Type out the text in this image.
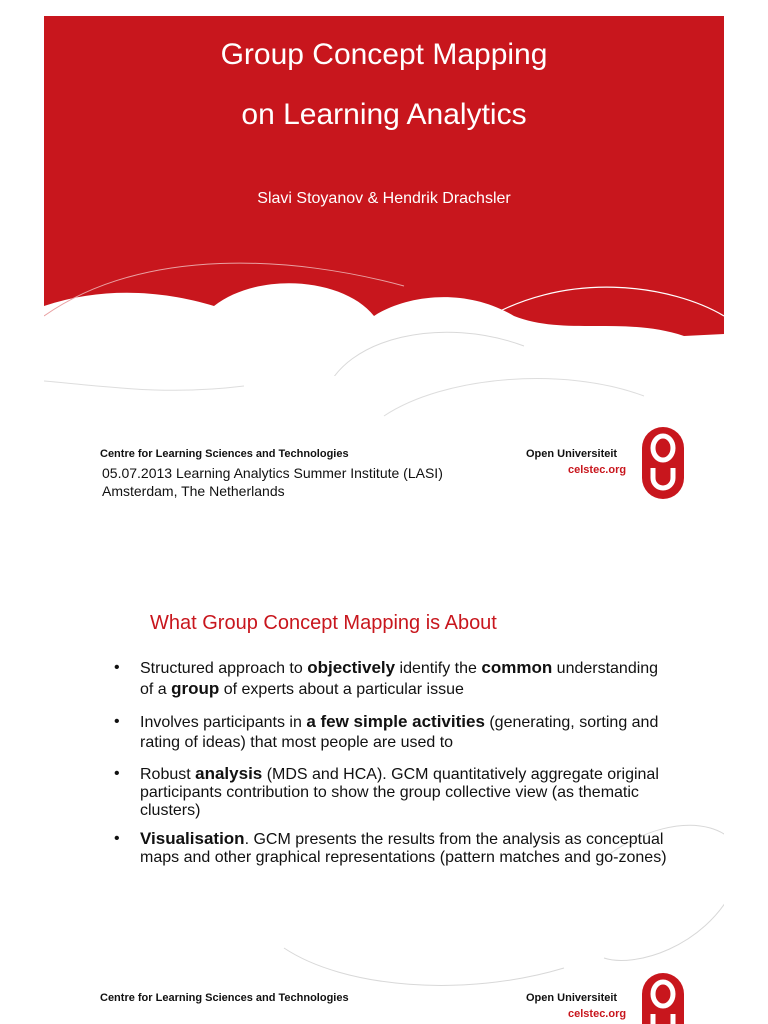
Group Concept Mapping
on Learning Analytics
Slavi Stoyanov & Hendrik Drachsler
Centre for Learning Sciences and Technologies
05.07.2013 Learning Analytics Summer Institute (LASI)
Amsterdam, The Netherlands
Open Universiteit
celstec.org
What Group Concept Mapping is About
• Structured approach to objectively identify the common understanding of a group of experts about a particular issue
• Involves participants in a few simple activities (generating, sorting and rating of ideas) that most people are used to
• Robust analysis (MDS and HCA). GCM quantitatively aggregate original participants contribution to show the group collective view (as thematic clusters)
• Visualisation. GCM presents the results from the analysis as conceptual maps and other graphical representations (pattern matches and go-zones)
Centre for Learning Sciences and Technologies	Open Universiteit
celstec.org
